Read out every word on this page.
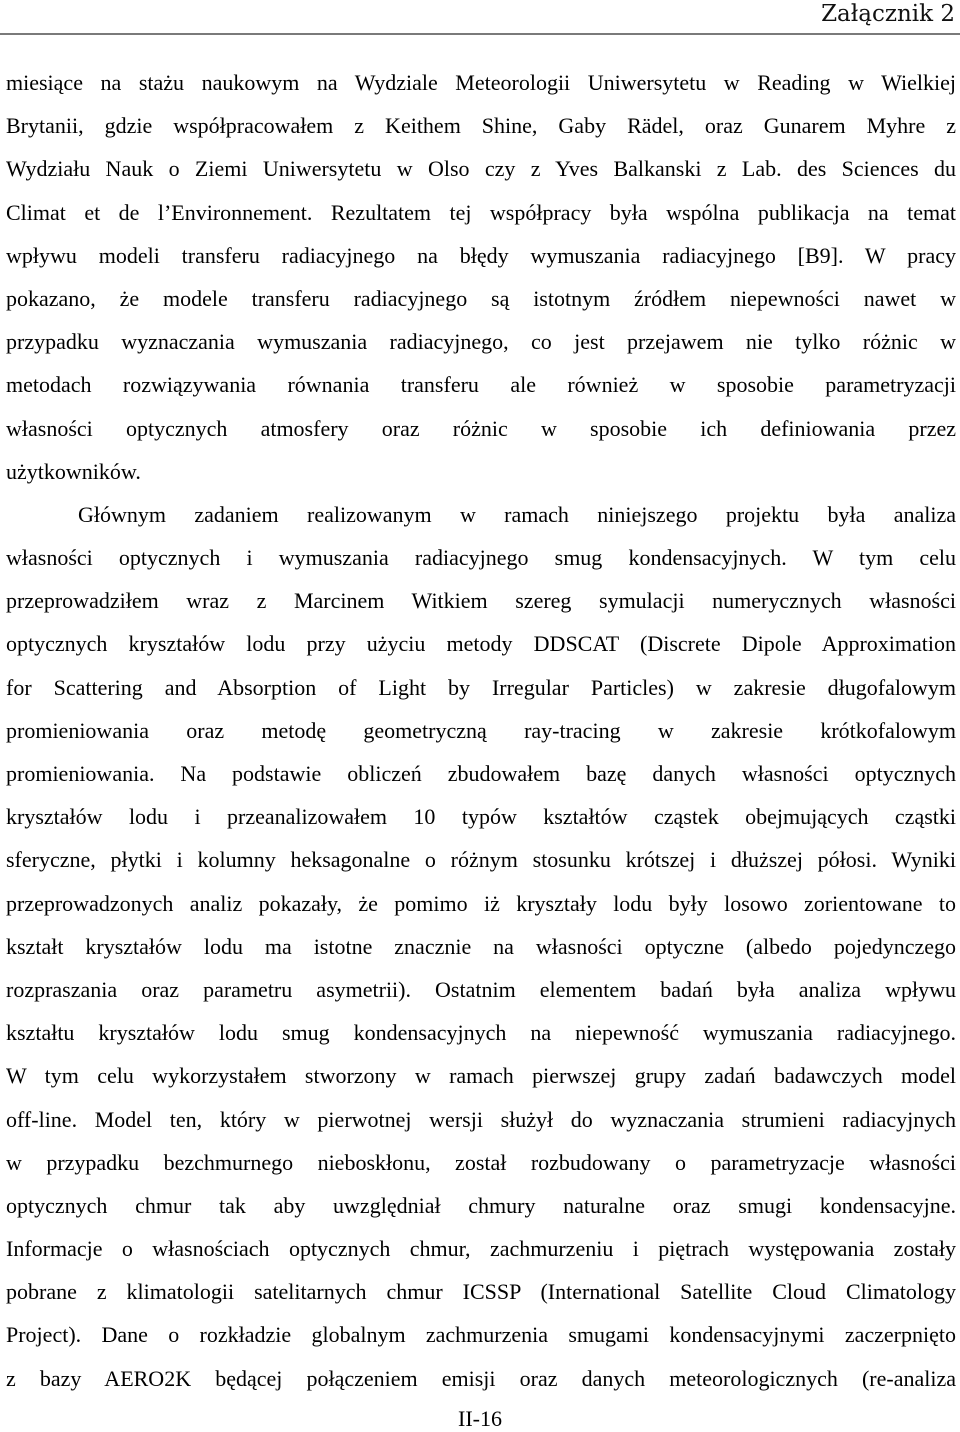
Załącznik 2
miesiące na stażu naukowym na Wydziale Meteorologii Uniwersytetu w Reading w Wielkiej
Brytanii, gdzie współpracowałem z Keithem Shine, Gaby Rädel, oraz Gunarem Myhre z
Wydziału Nauk o Ziemi Uniwersytetu w Olso czy z Yves Balkanski z Lab. des Sciences du
Climat et de l’Environnement. Rezultatem tej współpracy była wspólna publikacja na temat
wpływu modeli transferu radiacyjnego na błędy wymuszania radiacyjnego [B9]. W pracy
pokazano, że modele transferu radiacyjnego są istotnym źródłem niepewności nawet w
przypadku wyznaczania wymuszania radiacyjnego, co jest przejawem nie tylko różnic w
metodach rozwiązywania równania transferu ale również w sposobie parametryzacji
własności optycznych atmosfery oraz różnic w sposobie ich definiowania przez
użytkowników.
Głównym zadaniem realizowanym w ramach niniejszego projektu była analiza
własności optycznych i wymuszania radiacyjnego smug kondensacyjnych. W tym celu
przeprowadziłem wraz z Marcinem Witkiem szereg symulacji numerycznych własności
optycznych kryształów lodu przy użyciu metody DDSCAT (Discrete Dipole Approximation
for Scattering and Absorption of Light by Irregular Particles) w zakresie długofalowym
promieniowania oraz metodę geometryczną ray-tracing w zakresie krótkofalowym
promieniowania. Na podstawie obliczeń zbudowałem bazę danych własności optycznych
kryształów lodu i przeanalizowałem 10 typów kształtów cząstek obejmujących cząstki
sferyczne, płytki i kolumny heksagonalne o różnym stosunku krótszej i dłuższej półosi. Wyniki
przeprowadzonych analiz pokazały, że pomimo iż kryształy lodu były losowo zorientowane to
kształt kryształów lodu ma istotne znacznie na własności optyczne (albedo pojedynczego
rozpraszania oraz parametru asymetrii). Ostatnim elementem badań była analiza wpływu
kształtu kryształów lodu smug kondensacyjnych na niepewność wymuszania radiacyjnego.
W tym celu wykorzystałem stworzony w ramach pierwszej grupy zadań badawczych model
off-line. Model ten, który w pierwotnej wersji służył do wyznaczania strumieni radiacyjnych
w przypadku bezchmurnego nieboskłonu, został rozbudowany o parametryzacje własności
optycznych chmur tak aby uwzględniał chmury naturalne oraz smugi kondensacyjne.
Informacje o własnościach optycznych chmur, zachmurzeniu i piętrach występowania zostały
pobrane z klimatologii satelitarnych chmur ICSSP (International Satellite Cloud Climatology
Project). Dane o rozkładzie globalnym zachmurzenia smugami kondensacyjnymi zaczerpnięto
z bazy AERO2K będącej połączeniem emisji oraz danych meteorologicznych (re-analiza
II-16
